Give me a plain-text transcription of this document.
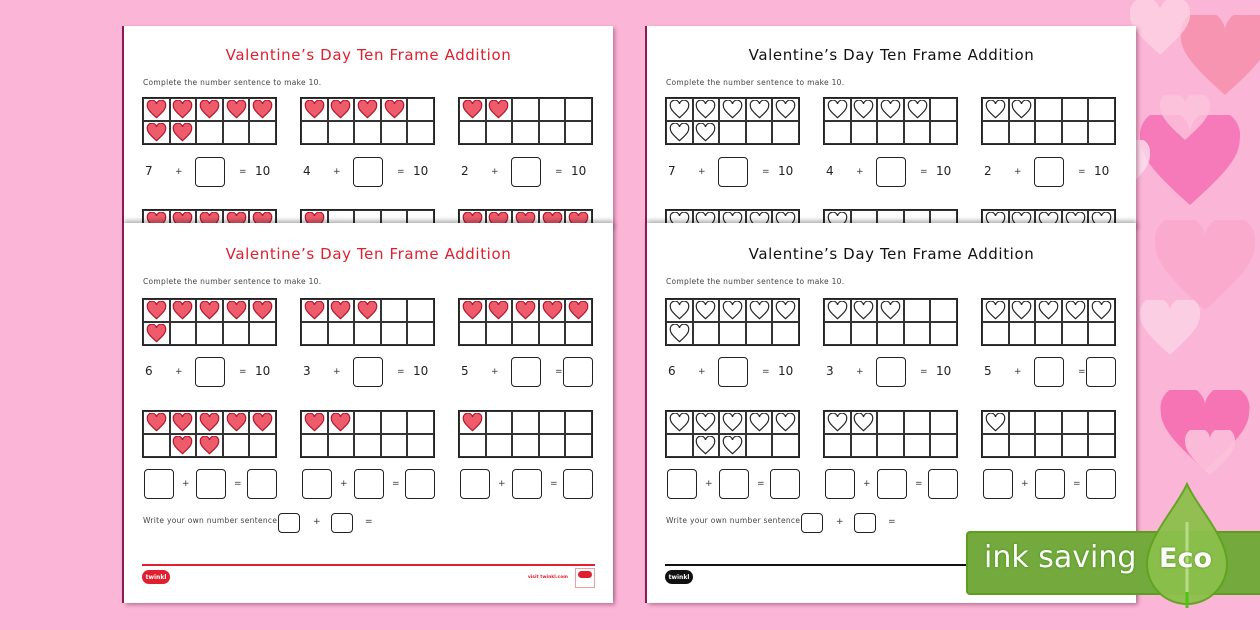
Valentine’s Day Ten Frame Addition
Complete the number sentence to make 10.
7 +	= 10	4 +	= 10	2 +	= 10
Valentine’s Day Ten Frame Addition
Complete the number sentence to make 10.
7 +	= 10	4 +	= 10	2 +	= 10
Valentine’s Day Ten Frame Addition
Complete the number sentence to make 10.
6 +	= 10	3 +	= 10	5 +	=
+	=	+	=	+	=
Write your own number sentence:	+	=
twinkl	visit twinkl.com
Valentine’s Day Ten Frame Addition
Complete the number sentence to make 10.
6 +	= 10	3 +	= 10	5 +	=
+	=	+	=	+	=
Write your own number sentence:	+	=
twinkl
ink saving Eco
